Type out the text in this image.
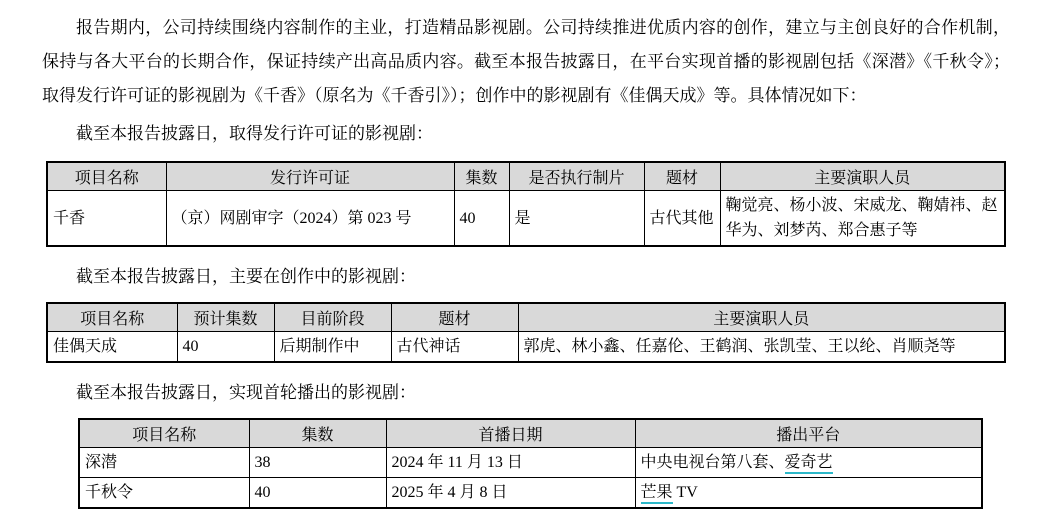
报告期内，公司持续围绕内容制作的主业，打造精品影视剧。公司持续推进优质内容的创作，建立与主创良好的合作机制，保持与各大平台的长期合作，保证持续产出高品质内容。截至本报告披露日，在平台实现首播的影视剧包括《深潜》《千秋令》；取得发行许可证的影视剧为《千香》（原名为《千香引》）；创作中的影视剧有《佳偶天成》等。具体情况如下：

截至本报告披露日，取得发行许可证的影视剧：

项目名称	发行许可证	集数	是否执行制片	题材	主要演职人员
千香	（京）网剧审字（2024）第 023 号	40	是	古代其他	鞠觉亮、杨小波、宋威龙、鞠婧祎、赵华为、刘梦芮、郑合惠子等

截至本报告披露日，主要在创作中的影视剧：

项目名称	预计集数	目前阶段	题材	主要演职人员
佳偶天成	40	后期制作中	古代神话	郭虎、林小鑫、任嘉伦、王鹤润、张凯莹、王以纶、肖顺尧等

截至本报告披露日，实现首轮播出的影视剧：

项目名称	集数	首播日期	播出平台
深潜	38	2024 年 11 月 13 日	中央电视台第八套、爱奇艺
千秋令	40	2025 年 4 月 8 日	芒果 TV
